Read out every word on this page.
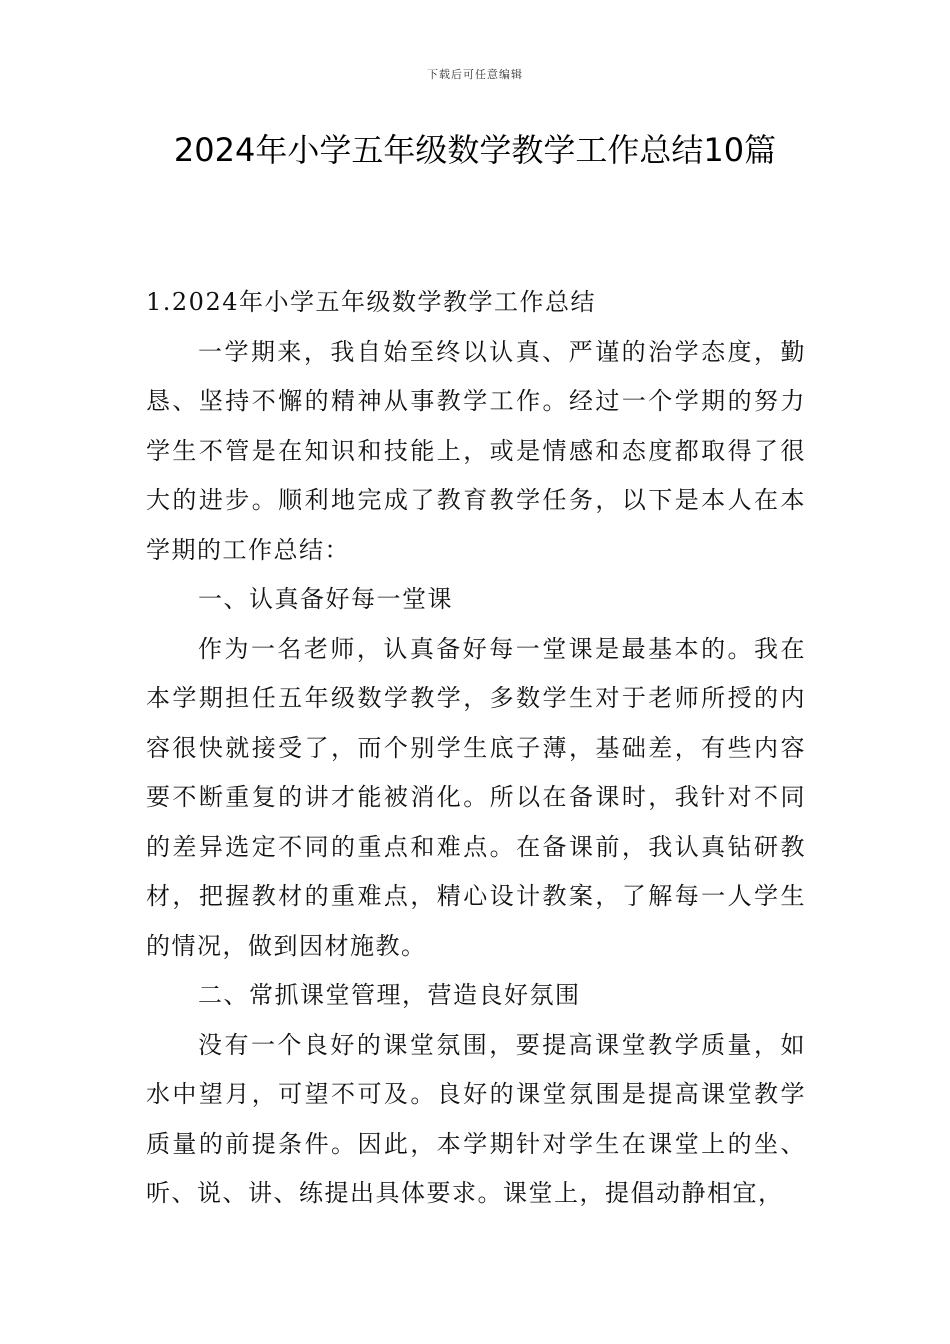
下载后可任意编辑
2024年小学五年级数学教学工作总结10篇

1.2024年小学五年级数学教学工作总结

一学期来，我自始至终以认真、严谨的治学态度，勤恳、坚持不懈的精神从事教学工作。经过一个学期的努力学生不管是在知识和技能上，或是情感和态度都取得了很大的进步。顺利地完成了教育教学任务，以下是本人在本学期的工作总结：

一、认真备好每一堂课

作为一名老师，认真备好每一堂课是最基本的。我在本学期担任五年级数学教学，多数学生对于老师所授的内容很快就接受了，而个别学生底子薄，基础差，有些内容要不断重复的讲才能被消化。所以在备课时，我针对不同的差异选定不同的重点和难点。在备课前，我认真钻研教材，把握教材的重难点，精心设计教案，了解每一人学生的情况，做到因材施教。

二、常抓课堂管理，营造良好氛围

没有一个良好的课堂氛围，要提高课堂教学质量，如水中望月，可望不可及。良好的课堂氛围是提高课堂教学质量的前提条件。因此，本学期针对学生在课堂上的坐、听、说、讲、练提出具体要求。课堂上，提倡动静相宜，
